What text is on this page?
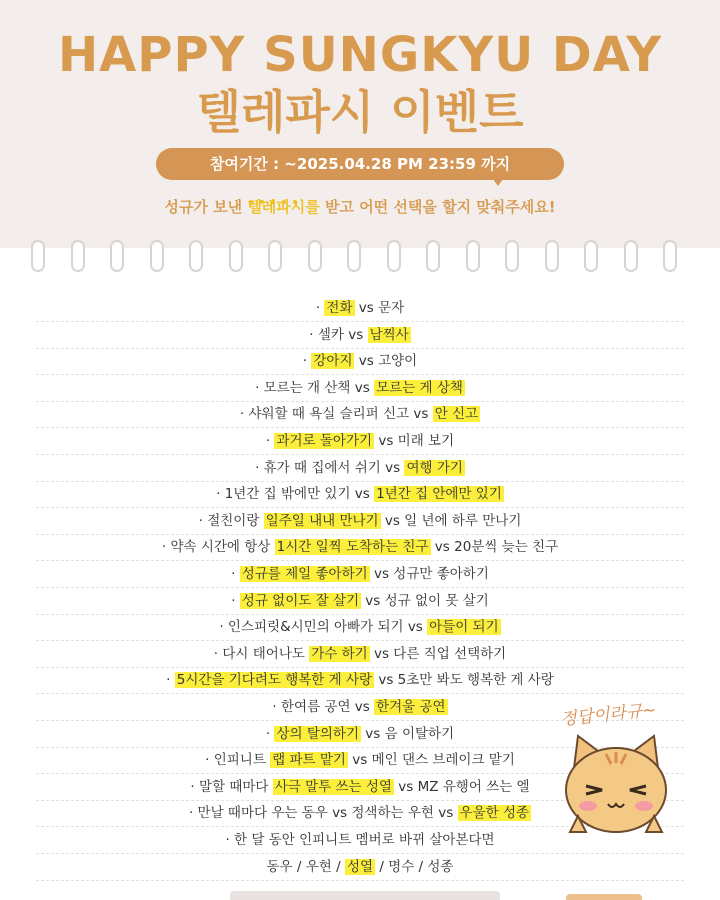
HAPPY SUNGKYU DAY
텔레파시 이벤트
참여기간 : ~2025.04.28 PM 23:59 까지
성규가 보낸 텔레파시를 받고 어떤 선택을 할지 맞춰주세요!
· 전화 vs 문자
· 셀카 vs 남찍사
· 강아지 vs 고양이
· 모르는 개 산책 vs 모르는 게 상책
· 샤워할 때 욕실 슬리퍼 신고 vs 안 신고
· 과거로 돌아가기 vs 미래 보기
· 휴가 때 집에서 쉬기 vs 여행 가기
· 1년간 집 밖에만 있기 vs 1년간 집 안에만 있기
· 절친이랑 일주일 내내 만나기 vs 일 년에 하루 만나기
· 약속 시간에 항상 1시간 일찍 도착하는 친구 vs 20분씩 늦는 친구
· 성규를 제일 좋아하기 vs 성규만 좋아하기
· 성규 없이도 잘 살기 vs 성규 없이 못 살기
· 인스피릿&시민의 아빠가 되기 vs 아들이 되기
· 다시 태어나도 가수 하기 vs 다른 직업 선택하기
· 5시간을 기다려도 행복한 게 사랑 vs 5초만 봐도 행복한 게 사랑
· 한여름 공연 vs 한겨울 공연
· 상의 탈의하기 vs 음 이탈하기
· 인피니트 랩 파트 맡기 vs 메인 댄스 브레이크 맡기
· 말할 때마다 사극 말투 쓰는 성열 vs MZ 유행어 쓰는 엘
· 만날 때마다 우는 동우 vs 정색하는 우현 vs 우울한 성종
· 한 달 동안 인피니트 멤버로 바뀌 살아본다면
동우 / 우현 / 성열 / 명수 / 성종
정답이라규~
